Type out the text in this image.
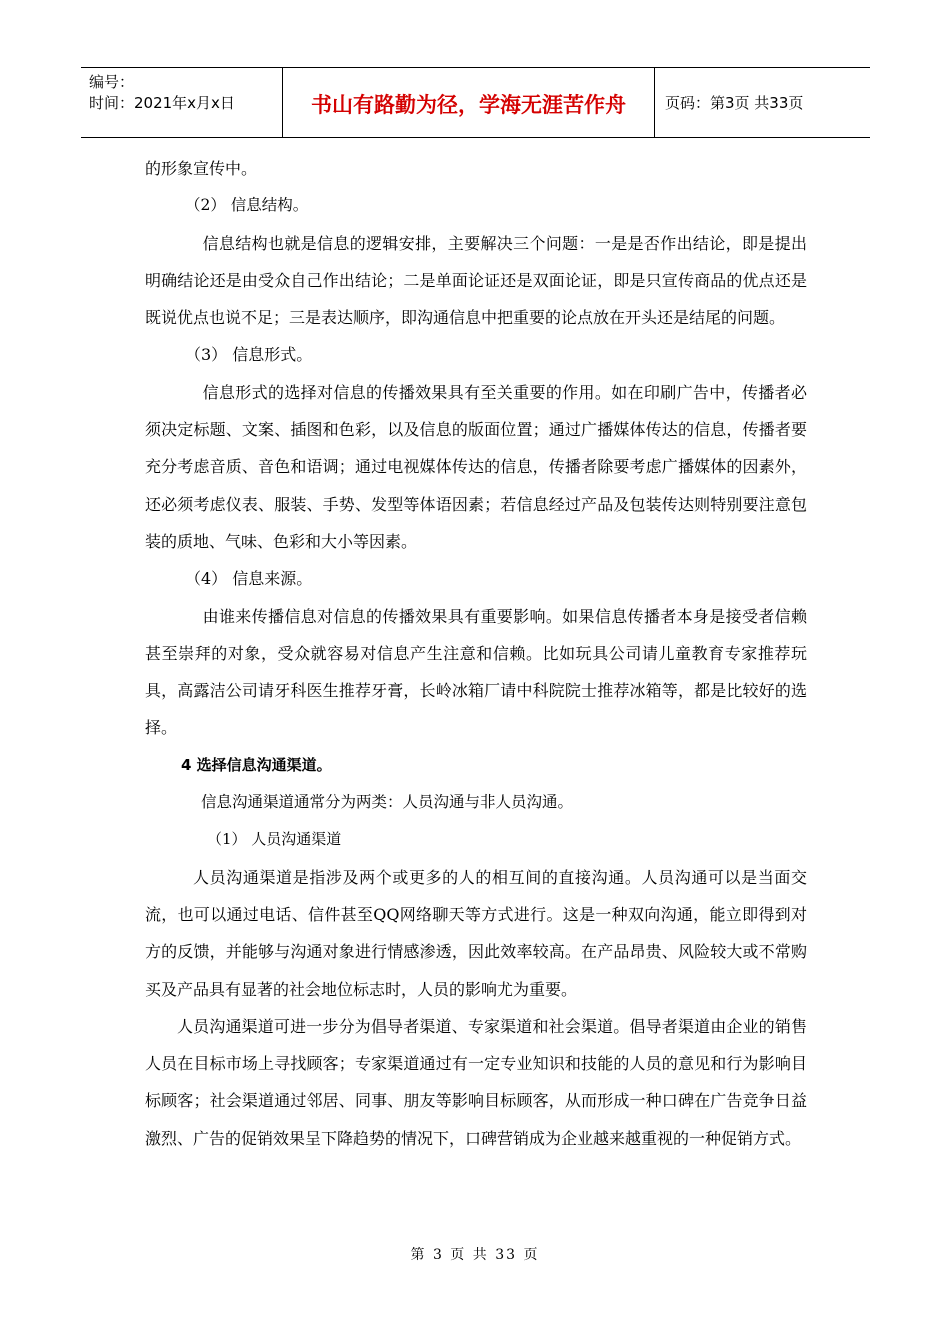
编号：
时间：2021年x月x日	书山有路勤为径，学海无涯苦作舟	页码：第3页 共33页

的形象宣传中。

（2） 信息结构。

信息结构也就是信息的逻辑安排，主要解决三个问题：一是是否作出结论，即是提出明确结论还是由受众自己作出结论；二是单面论证还是双面论证，即是只宣传商品的优点还是既说优点也说不足；三是表达顺序，即沟通信息中把重要的论点放在开头还是结尾的问题。

（3） 信息形式。

信息形式的选择对信息的传播效果具有至关重要的作用。如在印刷广告中，传播者必须决定标题、文案、插图和色彩，以及信息的版面位置；通过广播媒体传达的信息，传播者要充分考虑音质、音色和语调；通过电视媒体传达的信息，传播者除要考虑广播媒体的因素外，还必须考虑仪表、服装、手势、发型等体语因素；若信息经过产品及包装传达则特别要注意包装的质地、气味、色彩和大小等因素。

（4） 信息来源。

由谁来传播信息对信息的传播效果具有重要影响。如果信息传播者本身是接受者信赖甚至崇拜的对象，受众就容易对信息产生注意和信赖。比如玩具公司请儿童教育专家推荐玩具，高露洁公司请牙科医生推荐牙膏，长岭冰箱厂请中科院院士推荐冰箱等，都是比较好的选择。

4 选择信息沟通渠道。

信息沟通渠道通常分为两类：人员沟通与非人员沟通。

（1） 人员沟通渠道

人员沟通渠道是指涉及两个或更多的人的相互间的直接沟通。人员沟通可以是当面交流，也可以通过电话、信件甚至QQ网络聊天等方式进行。这是一种双向沟通，能立即得到对方的反馈，并能够与沟通对象进行情感渗透，因此效率较高。在产品昂贵、风险较大或不常购买及产品具有显著的社会地位标志时，人员的影响尤为重要。

人员沟通渠道可进一步分为倡导者渠道、专家渠道和社会渠道。倡导者渠道由企业的销售人员在目标市场上寻找顾客；专家渠道通过有一定专业知识和技能的人员的意见和行为影响目标顾客；社会渠道通过邻居、同事、朋友等影响目标顾客，从而形成一种口碑在广告竞争日益激烈、广告的促销效果呈下降趋势的情况下，口碑营销成为企业越来越重视的一种促销方式。

第 3 页 共 33 页
